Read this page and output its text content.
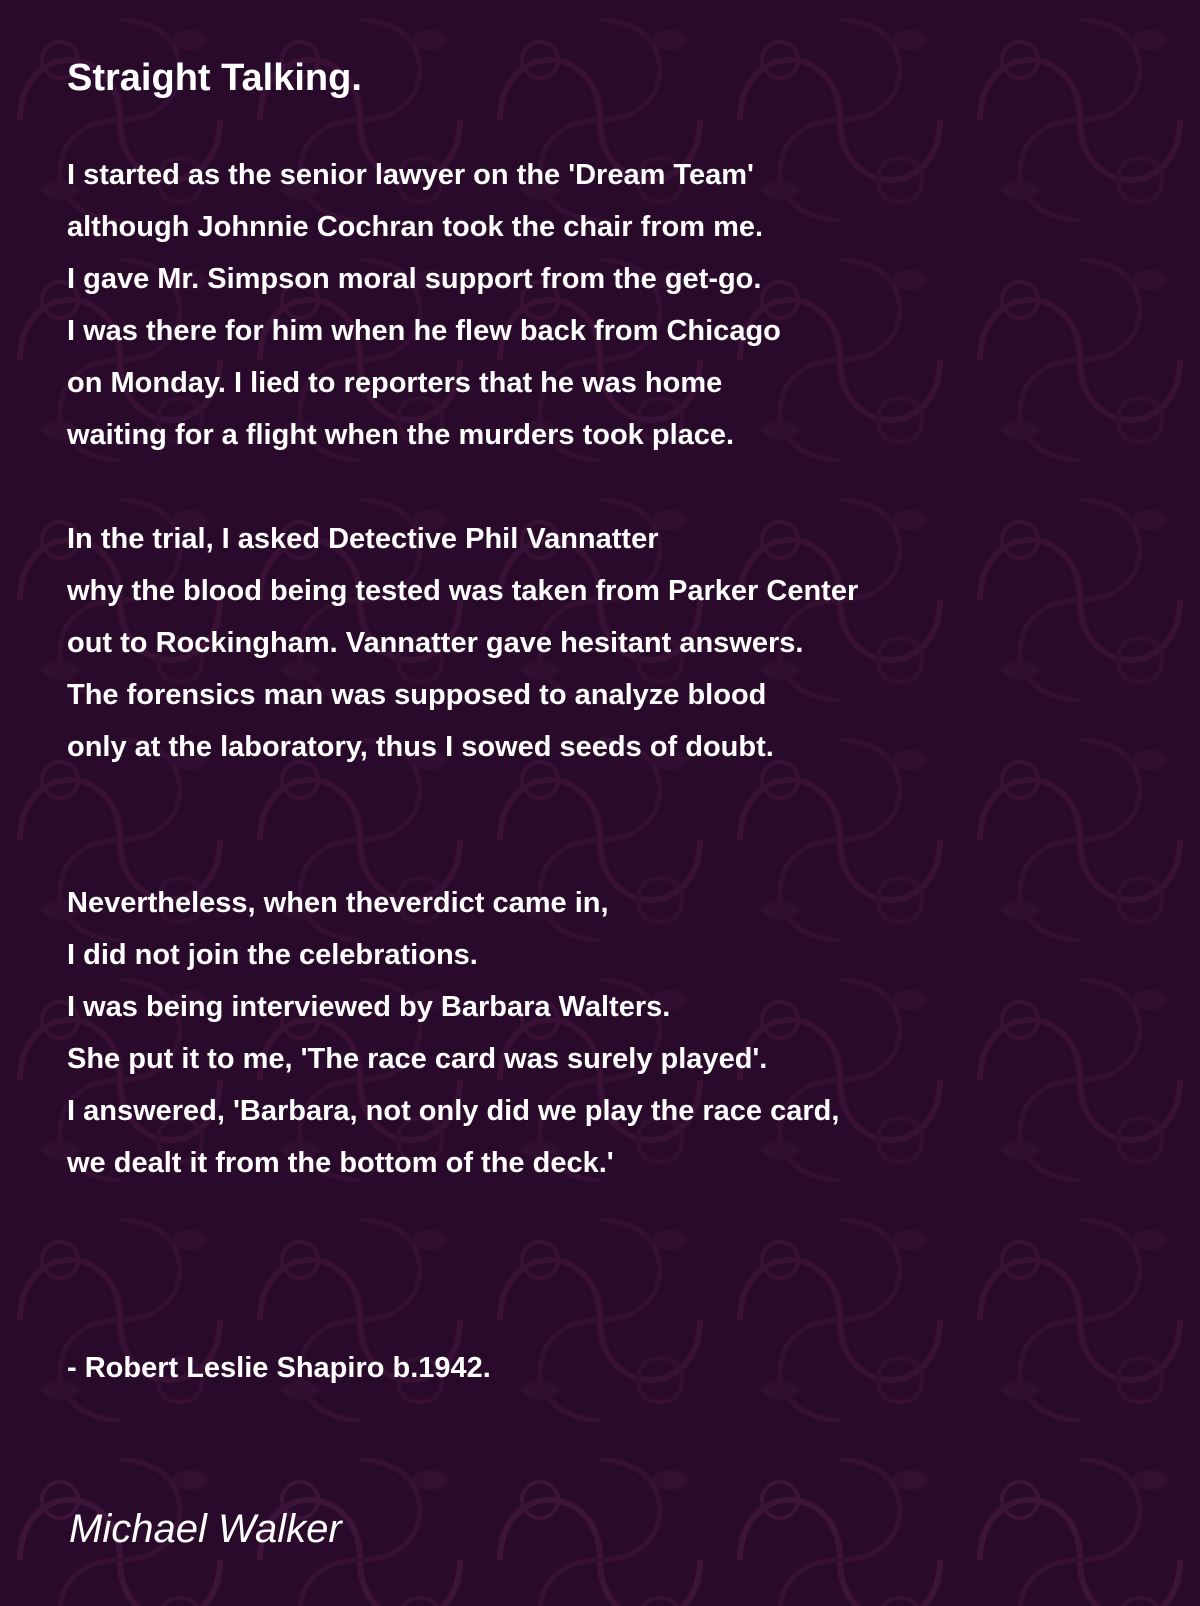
Straight Talking.
I started as the senior lawyer on the 'Dream Team'
although Johnnie Cochran took the chair from me.
I gave Mr. Simpson moral support from the get-go.
I was there for him when he flew back from Chicago
on Monday. I lied to reporters that he was home
waiting for a flight when the murders took place.
In the trial, I asked Detective Phil Vannatter
why the blood being tested was taken from Parker Center
out to Rockingham. Vannatter gave hesitant answers.
The forensics man was supposed to analyze blood
only at the laboratory, thus I sowed seeds of doubt.
Nevertheless, when theverdict came in,
I did not join the celebrations.
I was being interviewed by Barbara Walters.
She put it to me, 'The race card was surely played'.
I answered, 'Barbara, not only did we play the race card,
we dealt it from the bottom of the deck.'
- Robert Leslie Shapiro b.1942.
Michael Walker
